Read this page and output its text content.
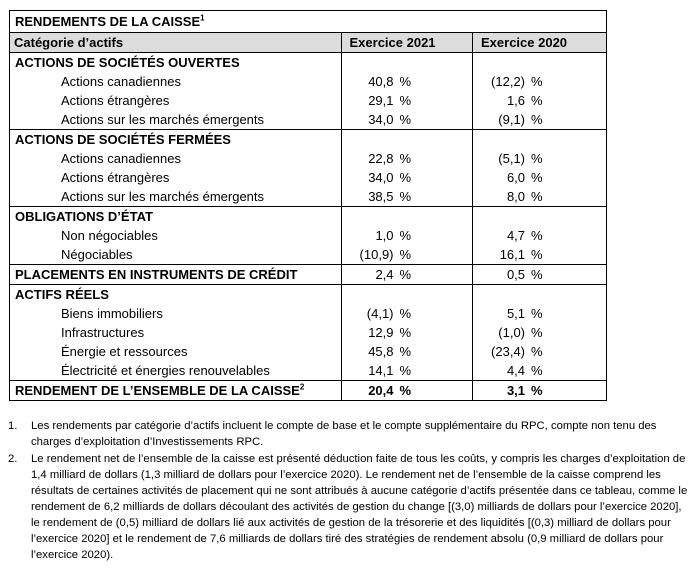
RENDEMENTS DE LA CAISSE$^1$
Catégorie d’actifs	Exercice 2021	Exercice 2020
ACTIONS DE SOCIÉTÉS OUVERTES		
Actions canadiennes	40,8 %	(12,2) %

Actions étrangères	29,1 %	1,6 %

Actions sur les marchés émergents	34,0 %	(9,1) %

ACTIONS DE SOCIÉTÉS FERMÉES		
Actions canadiennes	22,8 %	(5,1) %

Actions étrangères	34,0 %	6,0 %

Actions sur les marchés émergents	38,5 %	8,0 %

OBLIGATIONS D’ÉTAT		
Non négociables	1,0 %	4,7 %

Négociables	(10,9) %	16,1 %

PLACEMENTS EN INSTRUMENTS DE CRÉDIT	2,4 %	0,5 %

ACTIFS RÉELS		
Biens immobiliers	(4,1) %	5,1 %

Infrastructures	12,9 %	(1,0) %

Énergie et ressources	45,8 %	(23,4) %

Électricité et énergies renouvelables	14,1 %	4,4 %

RENDEMENT DE L’ENSEMBLE DE LA CAISSE$^2$	20,4 %	3,1 %
1.	Les rendements par catégorie d’actifs incluent le compte de base et le compte supplémentaire du RPC, compte non tenu des charges d’exploitation d’Investissements RPC.
2.	Le rendement net de l’ensemble de la caisse est présenté déduction faite de tous les coûts, y compris les charges d’exploitation de 1,4 milliard de dollars (1,3 milliard de dollars pour l’exercice 2020). Le rendement net de l’ensemble de la caisse comprend les résultats de certaines activités de placement qui ne sont attribués à aucune catégorie d’actifs présentée dans ce tableau, comme le rendement de 6,2 milliards de dollars découlant des activités de gestion du change [(3,0) milliards de dollars pour l’exercice 2020], le rendement de (0,5) milliard de dollars lié aux activités de gestion de la trésorerie et des liquidités [(0,3) milliard de dollars pour l’exercice 2020] et le rendement de 7,6 milliards de dollars tiré des stratégies de rendement absolu (0,9 milliard de dollars pour l’exercice 2020).
